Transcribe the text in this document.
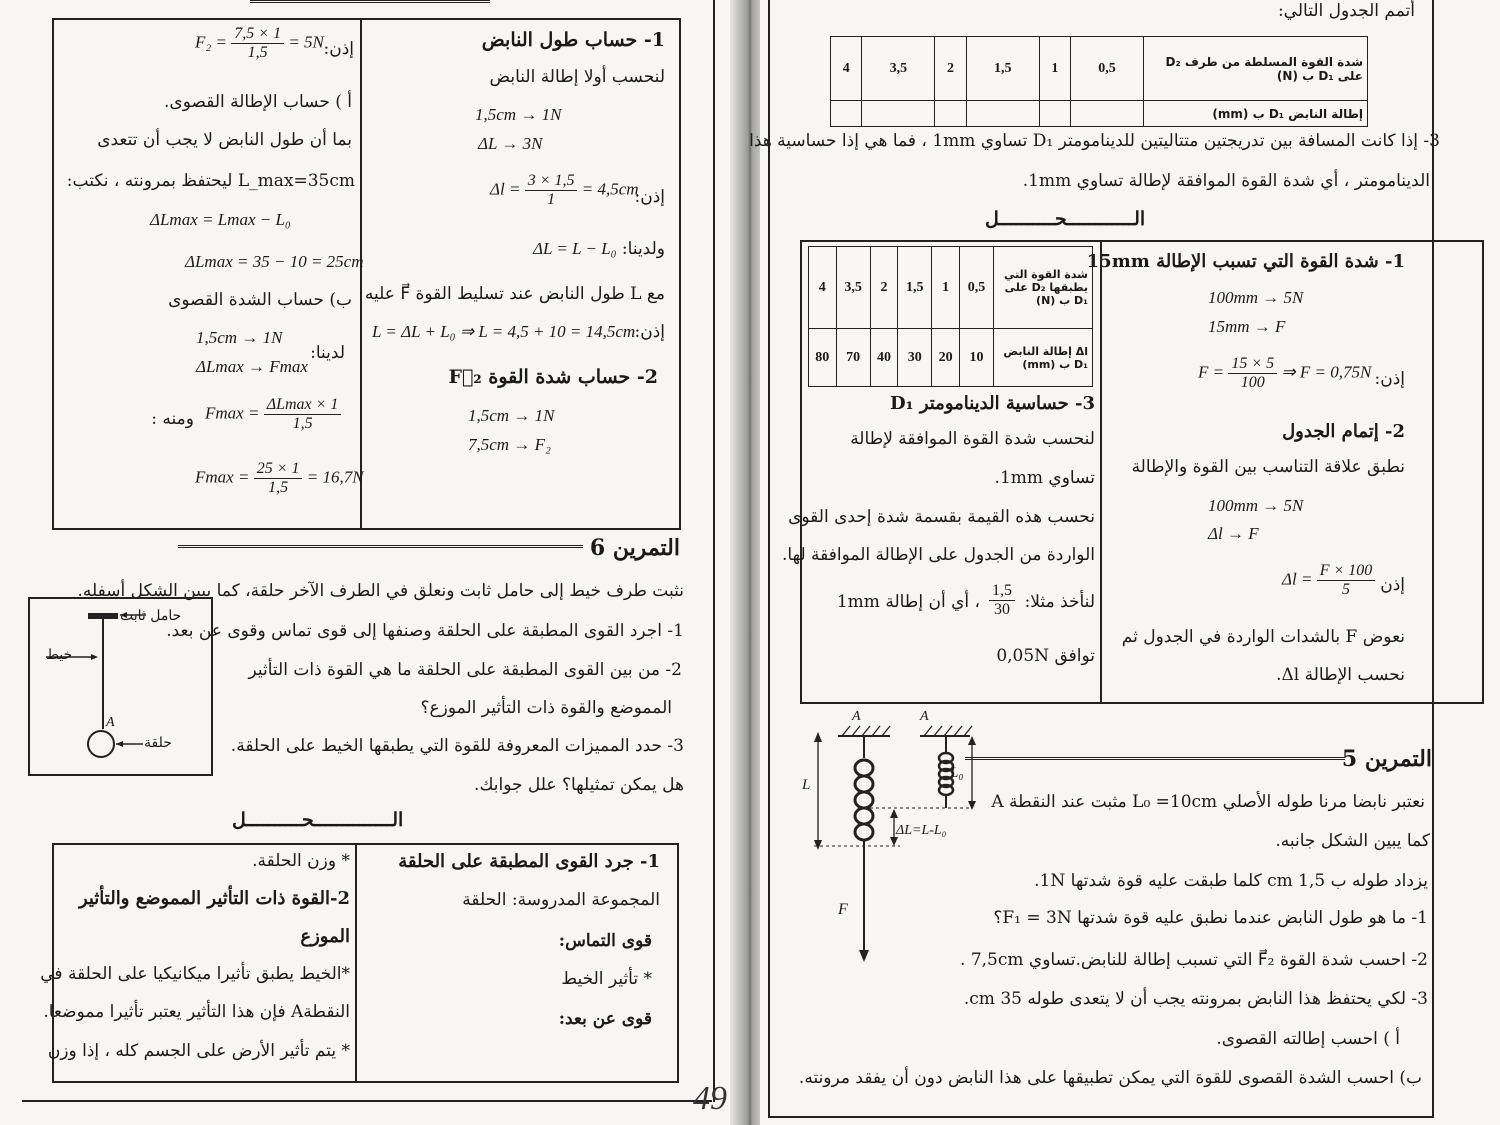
1- حساب طول النابض
لنحسب أولا إطالة النابض
1,5cm → 1N
ΔL → 3N
إذن:
$\Delta l = \frac{3 \times 1,5}{1} = 4,5cm$
ولدينا:
ΔL = L − L₀
مع L طول النابض عند تسليط القوة F⃗ عليه
إذن:
L = ΔL + L₀ ⇒ L = 4,5 + 10 = 14,5cm
2- حساب شدة القوة F⃗₂
1,5cm → 1N
7,5cm → F₂
إذن:
$F_2 = \frac{7,5 \times 1}{1,5} = 5N$
أ ) حساب الإطالة القصوى.
بما أن طول النابض لا يجب أن تتعدى
L_max=35cm ليحتفظ بمرونته ، نكتب:
ΔLmax = Lmax − L₀
ΔLmax = 35 − 10 = 25cm
ب) حساب الشدة القصوى
لدينا:
1,5cm → 1N
ΔLmax → Fmax
ومنه : $Fmax = \frac{\Delta Lmax \times 1}{1,5}$
$Fmax = \frac{25 \times 1}{1,5} = 16,7N$
التمرين 6
نثبت طرف خيط إلى حامل ثابت ونعلق في الطرف الآخر حلقة، كما يبين الشكل أسفله.
1- اجرد القوى المطبقة على الحلقة وصنفها إلى قوى تماس وقوى عن بعد.
2- من بين القوى المطبقة على الحلقة ما هي القوة ذات التأثير
المموضع والقوة ذات التأثير الموزع؟
3- حدد المميزات المعروفة للقوة التي يطبقها الخيط على الحلقة.
هل يمكن تمثيلها؟ علل جوابك.
حامل ثابت
خيط
حلقة
A
الــــــــــــــحــــــــــل
1- جرد القوى المطبقة على الحلقة
المجموعة المدروسة: الحلقة
قوى التماس:
* تأثير الخيط
قوى عن بعد:
* وزن الحلقة.
2-القوة ذات التأثير المموضع والتأثير
الموزع
*الخيط يطبق تأثيرا ميكانيكيا على الحلقة في
النقطةA فإن هذا التأثير يعتبر تأثيرا مموضعا.
* يتم تأثير الأرض على الجسم كله ، إذا وزن
49
أتمم الجدول التالي:
4	3,5	2	1,5	1	0,5	شدة القوة المسلطة من طرف D₂ على D₁ ب (N)
						إطالة النابض D₁ ب (mm)
3- إذا كانت المسافة بين تدريجتين متتاليتين للدينامومتر D₁ تساوي 1mm ، فما هي إذا حساسية هذا
الدينامومتر ، أي شدة القوة الموافقة لإطالة تساوي 1mm.
الــــــــــــحــــــــــل
1- شدة القوة التي تسبب الإطالة 15mm
100mm → 5N
15mm → F
إذن:
$F = \frac{15 \times 5}{100}$ ⇒ F = 0,75N
2- إتمام الجدول
نطبق علاقة التناسب بين القوة والإطالة
100mm → 5N
Δl → F
إذن
$\Delta l = \frac{F \times 100}{5}$
نعوض F بالشدات الواردة في الجدول ثم
نحسب الإطالة Δl.
4	3,5	2	1,5	1	0,5	شدة القوة التي يطبقها D₂ على D₁ ب (N)
80	70	40	30	20	10	Δl إطالة النابض D₁ ب (mm)
3- حساسية الدينامومتر D₁
لنحسب شدة القوة الموافقة لإطالة
تساوي 1mm.
نحسب هذه القيمة بقسمة شدة إحدى القوى
الواردة من الجدول على الإطالة الموافقة لها.
لنأخذ مثلا:
$\frac{1,5}{30}$
، أي أن إطالة 1mm
توافق 0,05N
التمرين 5
نعتبر نابضا مرنا طوله الأصلي L₀ =10cm مثبت عند النقطة A
كما يبين الشكل جانبه.
يزداد طوله ب 1,5 cm كلما طبقت عليه قوة شدتها 1N.
1- ما هو طول النابض عندما نطبق عليه قوة شدتها F₁ = 3N؟
2- احسب شدة القوة F⃗₂ التي تسبب إطالة للنابض.تساوي 7,5cm .
3- لكي يحتفظ هذا النابض بمرونته يجب أن لا يتعدى طوله 35 cm.
أ ) احسب إطالته القصوى.
ب) احسب الشدة القصوى للقوة التي يمكن تطبيقها على هذا النابض دون أن يفقد مرونته.
A	A
L
L₀
ΔL=L-L₀
F⃗
